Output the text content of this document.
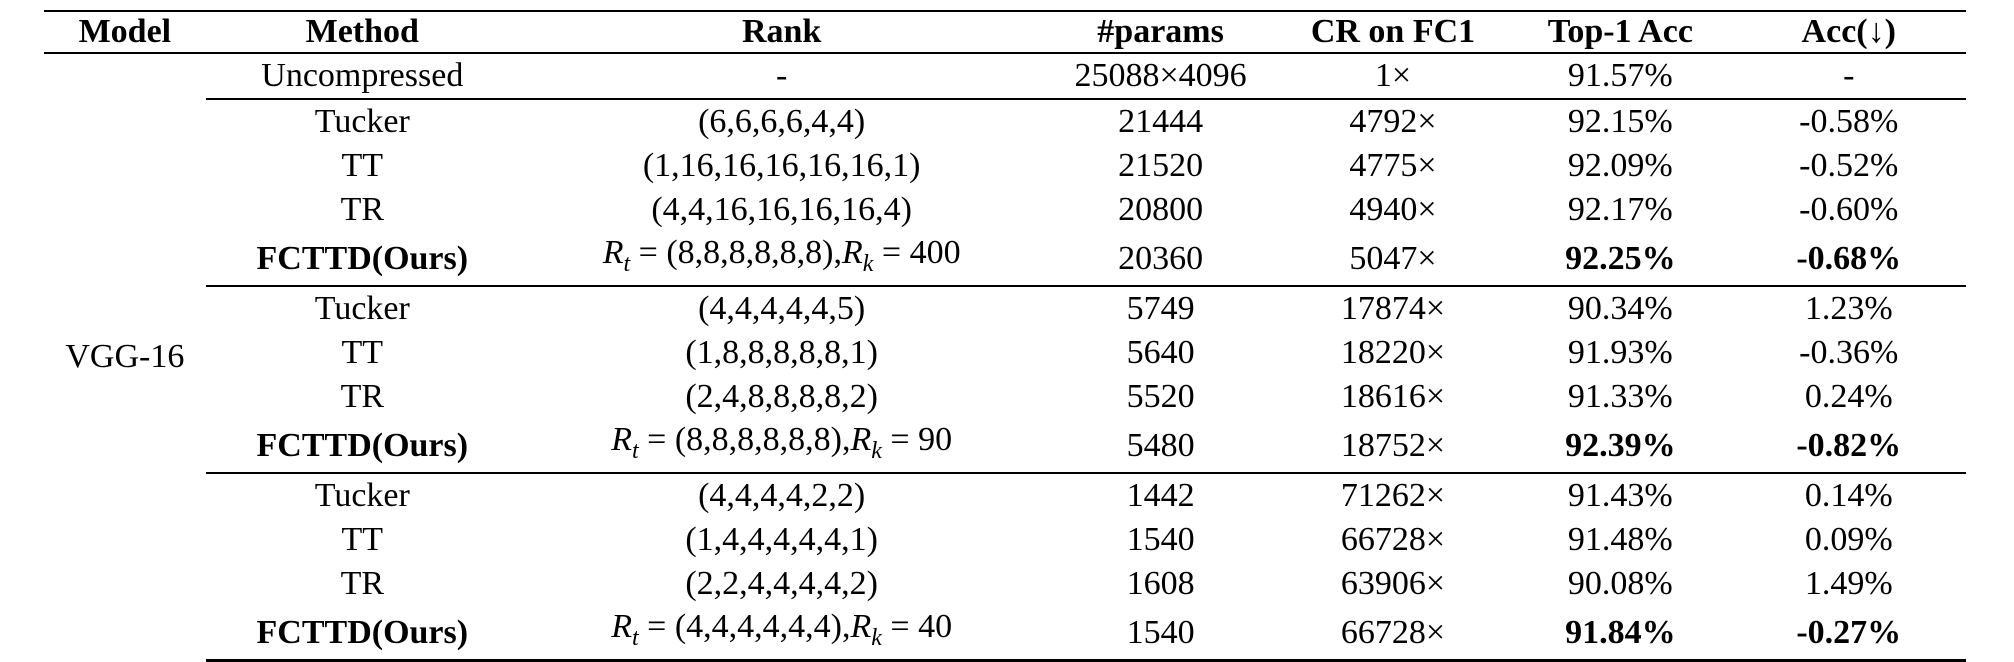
Model	Method	Rank	#params	CR on FC1	Top-1 Acc	Acc(↓)
VGG-16	Uncompressed	-	25088×4096	1×	91.57%	-
	Tucker	(6,6,6,6,4,4)	21444	4792×	92.15%	-0.58%
	TT	(1,16,16,16,16,16,1)	21520	4775×	92.09%	-0.52%
	TR	(4,4,16,16,16,16,4)	20800	4940×	92.17%	-0.60%
	FCTTD(Ours)	$R_t = (8,8,8,8,8,8),R_k = 400$	20360	5047×	92.25%	-0.68%
	Tucker	(4,4,4,4,4,5)	5749	17874×	90.34%	1.23%
	TT	(1,8,8,8,8,8,1)	5640	18220×	91.93%	-0.36%
	TR	(2,4,8,8,8,8,2)	5520	18616×	91.33%	0.24%
	FCTTD(Ours)	$R_t = (8,8,8,8,8,8),R_k = 90$	5480	18752×	92.39%	-0.82%
	Tucker	(4,4,4,4,2,2)	1442	71262×	91.43%	0.14%
	TT	(1,4,4,4,4,4,1)	1540	66728×	91.48%	0.09%
	TR	(2,2,4,4,4,4,2)	1608	63906×	90.08%	1.49%
	FCTTD(Ours)	$R_t = (4,4,4,4,4,4),R_k = 40$	1540	66728×	91.84%	-0.27%
